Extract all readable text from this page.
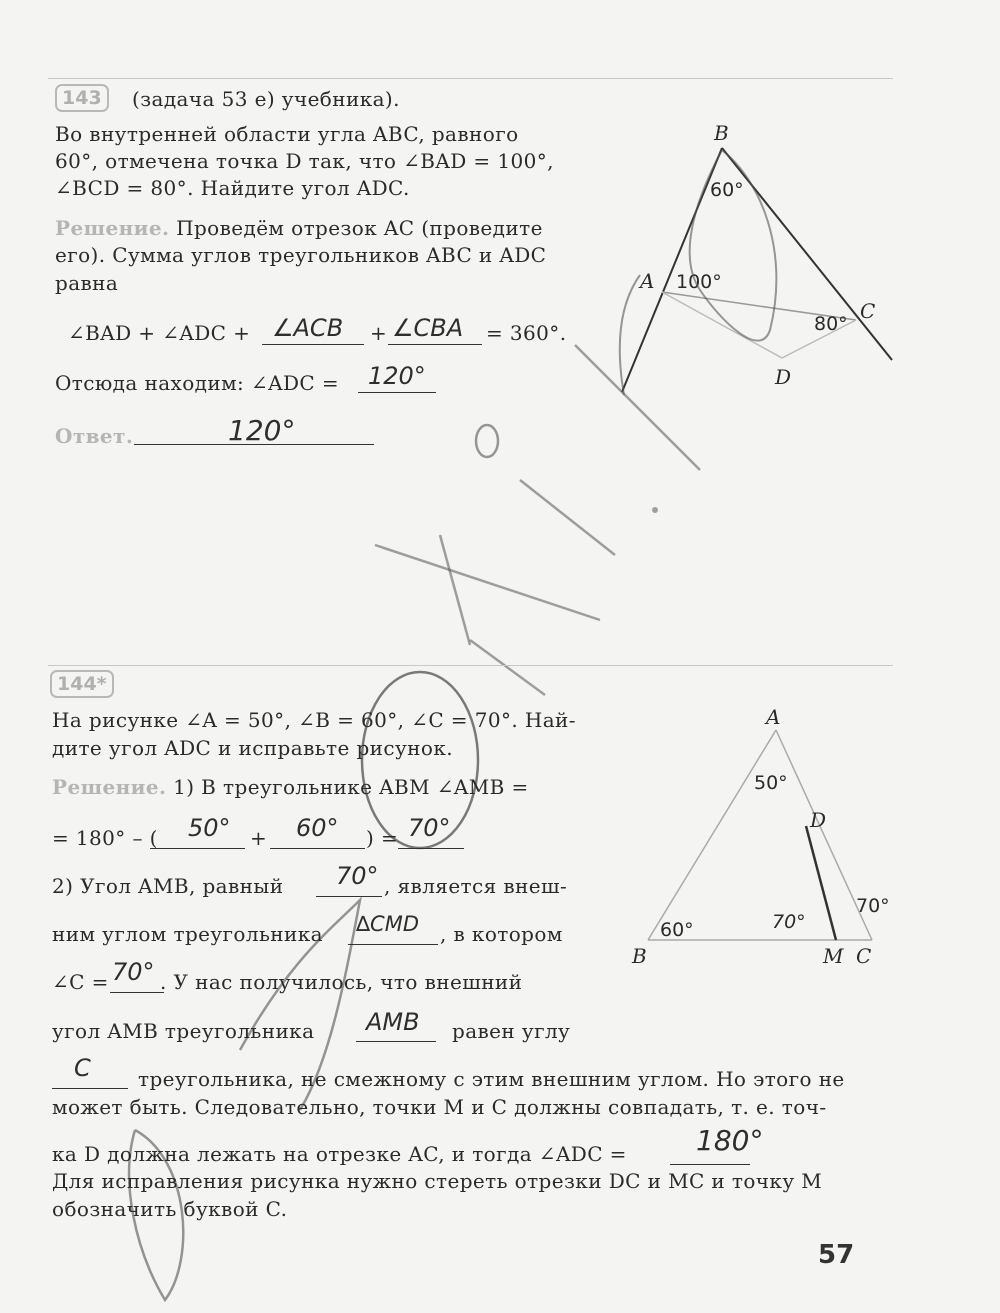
143	(задача 53 е) учебника).
Во внутренней области угла ABC, равного
60°, отмечена точка D так, что ∠BAD = 100°,
∠BCD = 80°. Найдите угол ADC.
Решение. Проведём отрезок AC (проведите
его). Сумма углов треугольников ABC и ADC
равна
∠BAD + ∠ADC + ∠ACB + ∠CBA = 360°.
Отсюда находим: ∠ADC = 120°
Ответ.	120°
B
A
C
D
60°
100°
80°
144*
На рисунке ∠A = 50°, ∠B = 60°, ∠C = 70°. Най-
дите угол ADC и исправьте рисунок.
Решение. 1) В треугольнике ABM ∠AMB =
= 180° – ( 50° + 60° ) = 70°
2) Угол AMB, равный 70° , является внеш-
ним углом треугольника ∆CMD , в котором
∠C = 70° . У нас получилось, что внешний
угол AMB треугольника AMB равен углу
C треугольника, не смежному с этим внешним углом. Но этого не
может быть. Следовательно, точки M и C должны совпадать, т. е. точ-
ка D должна лежать на отрезке AC, и тогда ∠ADC = 180°
Для исправления рисунка нужно стереть отрезки DC и MC и точку M
обозначить буквой C.
A
B
D
M C
50°
60°
70°
70°
57
